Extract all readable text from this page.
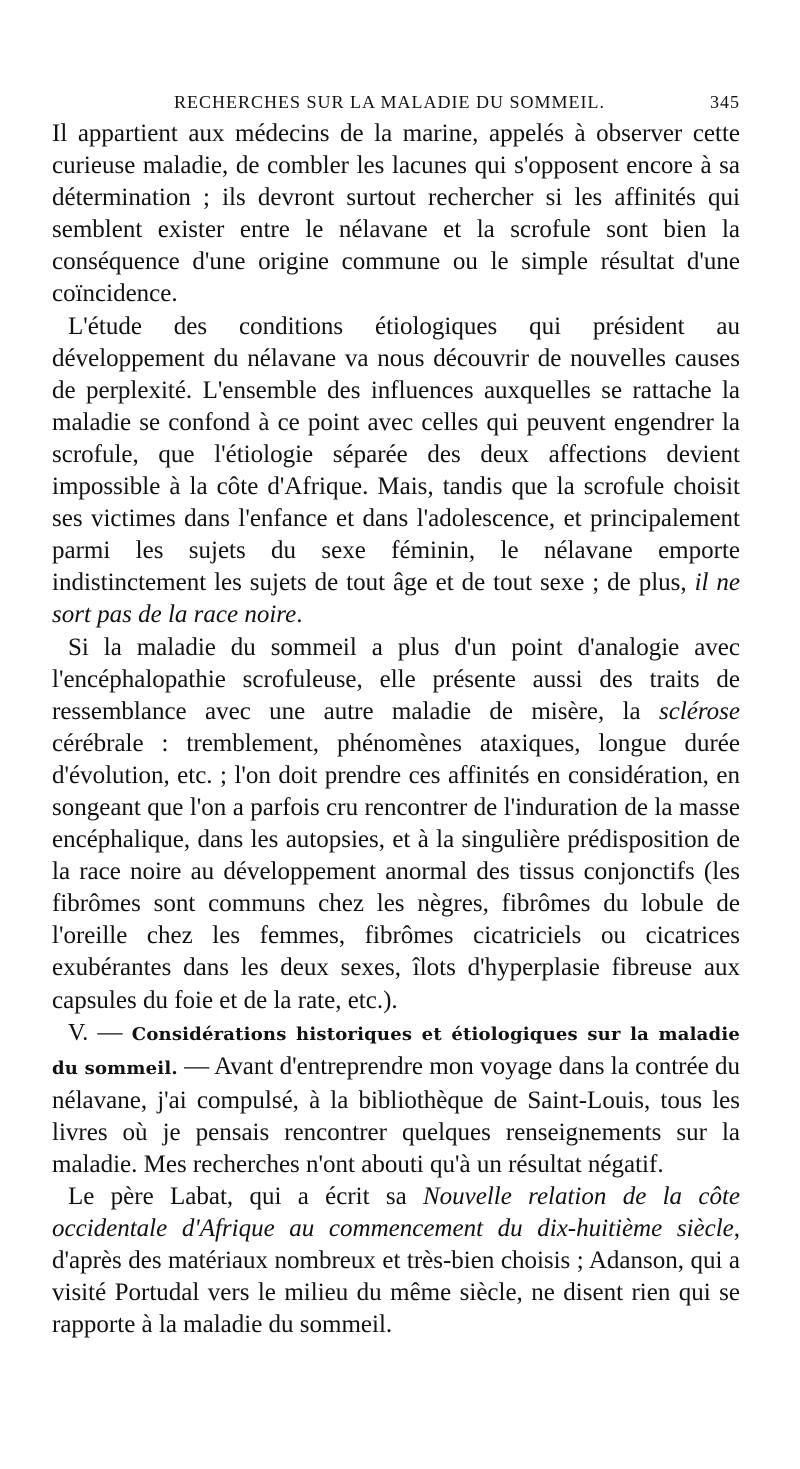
RECHERCHES SUR LA MALADIE DU SOMMEIL.	345

Il appartient aux médecins de la marine, appelés à observer cette curieuse maladie, de combler les lacunes qui s'opposent encore à sa détermination ; ils devront surtout rechercher si les affinités qui semblent exister entre le nélavane et la scrofule sont bien la conséquence d'une origine commune ou le simple résultat d'une coïncidence.

L'étude des conditions étiologiques qui président au développement du nélavane va nous découvrir de nouvelles causes de perplexité. L'ensemble des influences auxquelles se rattache la maladie se confond à ce point avec celles qui peuvent engendrer la scrofule, que l'étiologie séparée des deux affections devient impossible à la côte d'Afrique. Mais, tandis que la scrofule choisit ses victimes dans l'enfance et dans l'adolescence, et principalement parmi les sujets du sexe féminin, le nélavane emporte indistinctement les sujets de tout âge et de tout sexe ; de plus, il ne sort pas de la race noire.

Si la maladie du sommeil a plus d'un point d'analogie avec l'encéphalopathie scrofuleuse, elle présente aussi des traits de ressemblance avec une autre maladie de misère, la sclérose cérébrale : tremblement, phénomènes ataxiques, longue durée d'évolution, etc. ; l'on doit prendre ces affinités en considération, en songeant que l'on a parfois cru rencontrer de l'induration de la masse encéphalique, dans les autopsies, et à la singulière prédisposition de la race noire au développement anormal des tissus conjonctifs (les fibrômes sont communs chez les nègres, fibrômes du lobule de l'oreille chez les femmes, fibrômes cicatriciels ou cicatrices exubérantes dans les deux sexes, îlots d'hyperplasie fibreuse aux capsules du foie et de la rate, etc.).

V. — Considérations historiques et étiologiques sur la maladie du sommeil. — Avant d'entreprendre mon voyage dans la contrée du nélavane, j'ai compulsé, à la bibliothèque de Saint-Louis, tous les livres où je pensais rencontrer quelques renseignements sur la maladie. Mes recherches n'ont abouti qu'à un résultat négatif.

Le père Labat, qui a écrit sa Nouvelle relation de la côte occidentale d'Afrique au commencement du dix-huitième siècle, d'après des matériaux nombreux et très-bien choisis ; Adanson, qui a visité Portudal vers le milieu du même siècle, ne disent rien qui se rapporte à la maladie du sommeil.
